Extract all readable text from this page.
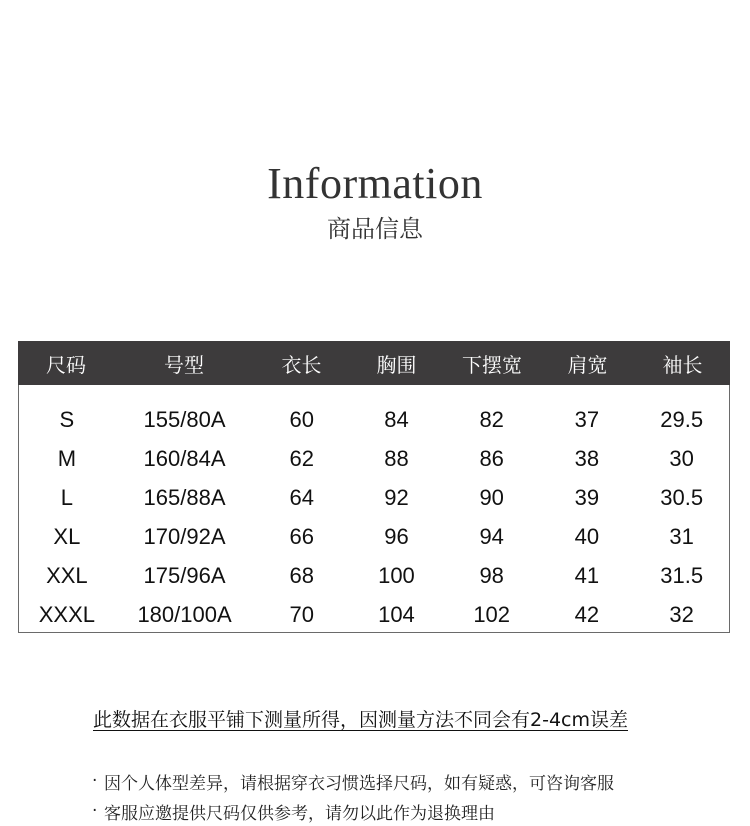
Information
商品信息
尺码	号型	衣长	胸围	下摆宽	肩宽	袖长
S	155/80A	60	84	82	37	29.5
M	160/84A	62	88	86	38	30
L	165/88A	64	92	90	39	30.5
XL	170/92A	66	96	94	40	31
XXL	175/96A	68	100	98	41	31.5
XXXL	180/100A	70	104	102	42	32
此数据在衣服平铺下测量所得，因测量方法不同会有2-4cm误差
· 因个人体型差异，请根据穿衣习惯选择尺码，如有疑惑，可咨询客服
· 客服应邀提供尺码仅供参考，请勿以此作为退换理由
